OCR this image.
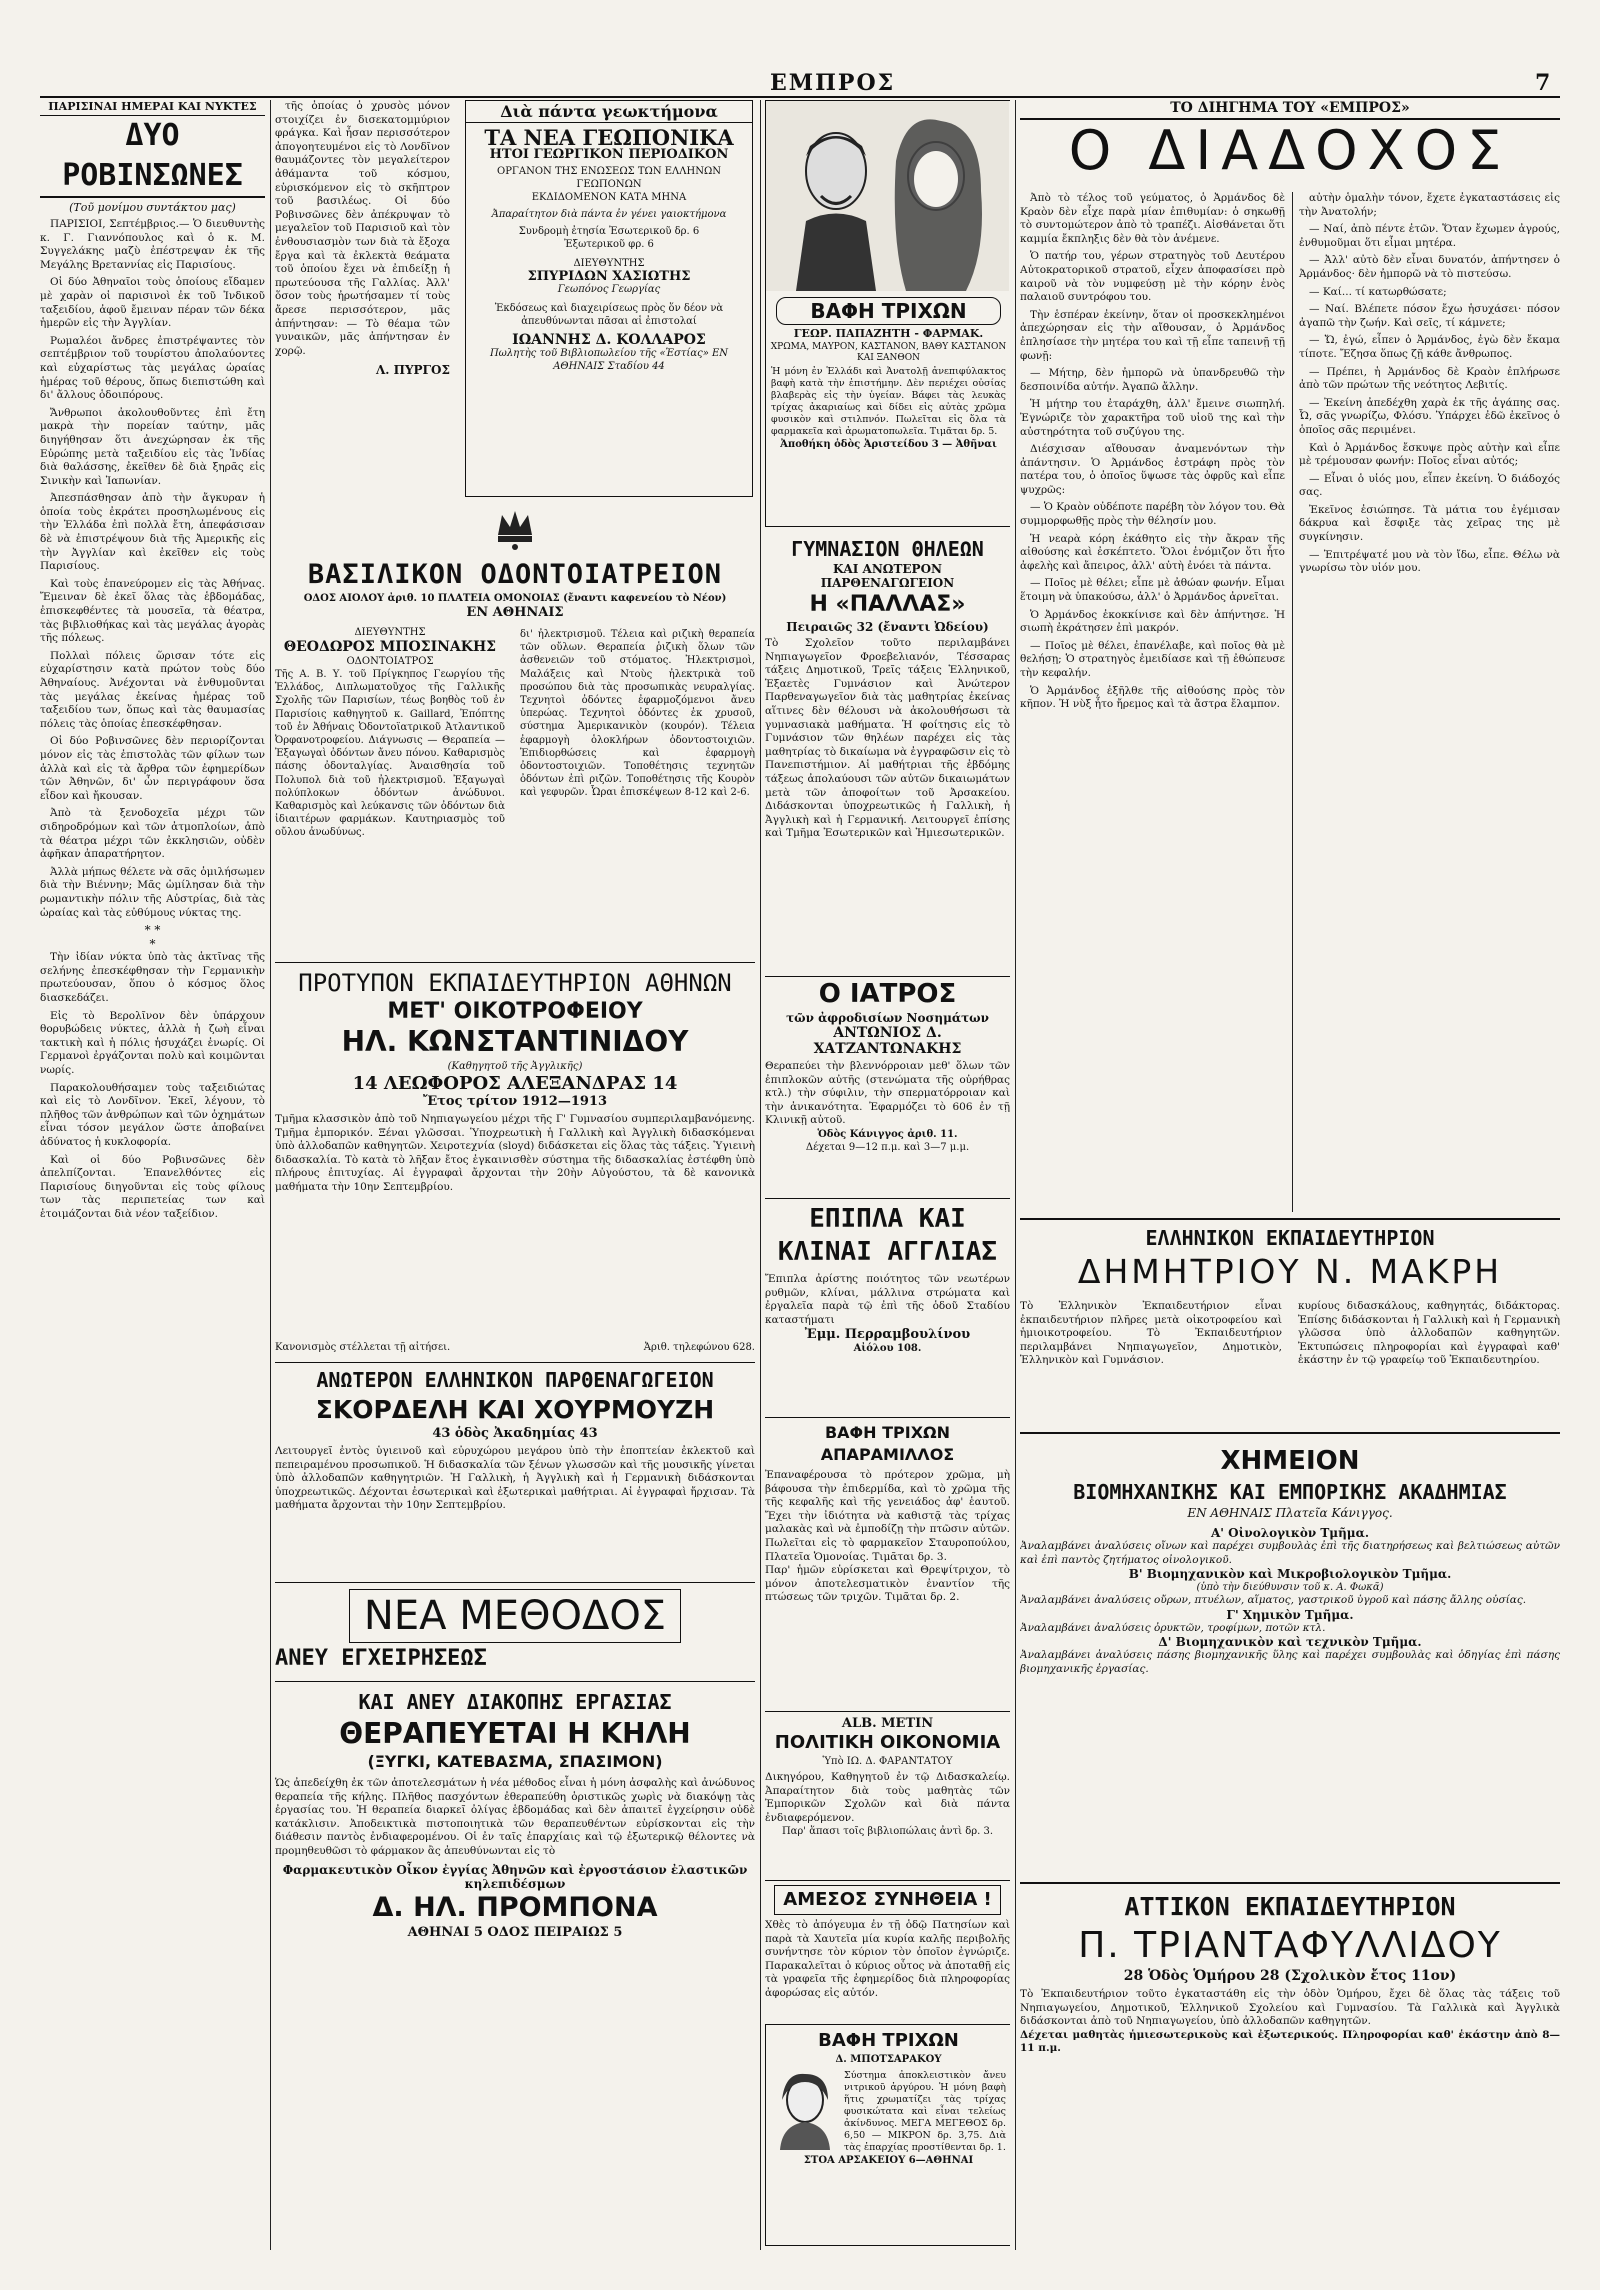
ΕΜΠΡΟΣ	7
ΠΑΡΙΣΙΝΑΙ ΗΜΕΡΑΙ ΚΑΙ ΝΥΚΤΕΣ
ΔΥΟ ΡΟΒΙΝΣΩΝΕΣ
(Τοῦ μονίμου συντάκτου μας)

ΠΑΡΙΣΙΟΙ, Σεπτέμβριος.— Ὁ διευθυντὴς κ. Γ. Γιαννόπουλος καὶ ὁ κ. Μ. Συγγελάκης μαζὺ ἐπέστρεψαν ἐκ τῆς Μεγάλης Βρεταννίας εἰς Παρισίους.

Οἱ δύο Ἀθηναῖοι τοὺς ὁποίους εἴδαμεν μὲ χαρὰν οἱ παρισινοὶ ἐκ τοῦ Ἰνδικοῦ ταξειδίου, ἀφοῦ ἔμειναν πέραν τῶν δέκα ἡμερῶν εἰς τὴν Ἀγγλίαν.

Ρωμαλέοι ἄνδρες ἐπιστρέψαντες τὸν σεπτέμβριον τοῦ τουρίστου ἀπολαύοντες καὶ εὐχαρίστως τὰς μεγάλας ὡραίας ἡμέρας τοῦ θέρους, ὅπως διεπιστώθη καὶ δι' ἄλλους ὁδοιπόρους.

Ἄνθρωποι ἀκολουθοῦντες ἐπὶ ἔτη μακρὰ τὴν πορείαν ταύτην, μᾶς διηγήθησαν ὅτι ἀνεχώρησαν ἐκ τῆς Εὐρώπης μετὰ ταξειδίου εἰς τὰς Ἰνδίας διὰ θαλάσσης, ἐκεῖθεν δὲ διὰ ξηρᾶς εἰς Σινικὴν καὶ Ἰαπωνίαν.

Ἀπεσπάσθησαν ἀπὸ τὴν ἄγκυραν ἡ ὁποία τοὺς ἐκράτει προσηλωμένους εἰς τὴν Ἑλλάδα ἐπὶ πολλὰ ἔτη, ἀπεφάσισαν δὲ νὰ ἐπιστρέψουν διὰ τῆς Ἀμερικῆς εἰς τὴν Ἀγγλίαν καὶ ἐκεῖθεν εἰς τοὺς Παρισίους.

Καὶ τοὺς ἐπανεύρομεν εἰς τὰς Ἀθήνας. Ἔμειναν δὲ ἐκεῖ ὅλας τὰς ἑβδομάδας, ἐπισκεφθέντες τὰ μουσεῖα, τὰ θέατρα, τὰς βιβλιοθήκας καὶ τὰς μεγάλας ἀγορὰς τῆς πόλεως.

Πολλαὶ πόλεις ὥρισαν τότε εἰς εὐχαρίστησιν κατὰ πρώτον τοὺς δύο Ἀθηναίους. Ἀνέχονται νὰ ἐνθυμοῦνται τὰς μεγάλας ἐκείνας ἡμέρας τοῦ ταξειδίου των, ὅπως καὶ τὰς θαυμασίας πόλεις τὰς ὁποίας ἐπεσκέφθησαν.

Οἱ δύο Ροβινσῶνες δὲν περιορίζονται μόνον εἰς τὰς ἐπιστολὰς τῶν φίλων των ἀλλὰ καὶ εἰς τὰ ἄρθρα τῶν ἐφημερίδων τῶν Ἀθηνῶν, δι' ὧν περιγράφουν ὅσα εἶδον καὶ ἤκουσαν.

Ἀπὸ τὰ ξενοδοχεῖα μέχρι τῶν σιδηροδρόμων καὶ τῶν ἀτμοπλοίων, ἀπὸ τὰ θέατρα μέχρι τῶν ἐκκλησιῶν, οὐδὲν ἀφῆκαν ἀπαρατήρητον.

Ἀλλὰ μήπως θέλετε νὰ σᾶς ὁμιλήσωμεν διὰ τὴν Βιέννην; Μᾶς ὡμίλησαν διὰ τὴν ρωμαντικὴν πόλιν τῆς Αὐστρίας, διὰ τὰς ὡραίας καὶ τὰς εὐθύμους νύκτας της.

* *
*

Τὴν ἰδίαν νύκτα ὑπὸ τὰς ἀκτῖνας τῆς σελήνης ἐπεσκέφθησαν τὴν Γερμανικὴν πρωτεύουσαν, ὅπου ὁ κόσμος ὅλος διασκεδάζει.

Εἰς τὸ Βερολῖνον δὲν ὑπάρχουν θορυβώδεις νύκτες, ἀλλὰ ἡ ζωὴ εἶναι τακτικὴ καὶ ἡ πόλις ἡσυχάζει ἐνωρίς. Οἱ Γερμανοὶ ἐργάζονται πολὺ καὶ κοιμῶνται νωρίς.

Παρακολουθήσαμεν τοὺς ταξειδιώτας καὶ εἰς τὸ Λονδῖνον. Ἐκεῖ, λέγουν, τὸ πλῆθος τῶν ἀνθρώπων καὶ τῶν ὀχημάτων εἶναι τόσον μεγάλον ὥστε ἀποβαίνει ἀδύνατος ἡ κυκλοφορία.

Καὶ οἱ δύο Ροβινσῶνες δὲν ἀπελπίζονται. Ἐπανελθόντες εἰς Παρισίους διηγοῦνται εἰς τοὺς φίλους των τὰς περιπετείας των καὶ ἑτοιμάζονται διὰ νέον ταξείδιον.

τῆς ὁποίας ὁ χρυσὸς μόνον στοιχίζει ἐν δισεκατομμύριον φράγκα. Καὶ ἦσαν περισσότερον ἀπογοητευμένοι εἰς τὸ Λονδῖνον θαυμάζοντες τὸν μεγαλείτερον ἀθάμαντα τοῦ κόσμου, εὑρισκόμενον εἰς τὸ σκῆπτρον τοῦ βασιλέως. Οἱ δύο Ροβινσῶνες δὲν ἀπέκρυψαν τὸ μεγαλεῖον τοῦ Παρισιοῦ καὶ τὸν ἐνθουσιασμὸν των διὰ τὰ ἔξοχα ἔργα καὶ τὰ ἐκλεκτὰ θεάματα τοῦ ὁποίου ἔχει νὰ ἐπιδείξῃ ἡ πρωτεύουσα τῆς Γαλλίας. Ἀλλ' ὅσον τοὺς ἠρωτήσαμεν τί τοὺς ἄρεσε περισσότερον, μᾶς ἀπήντησαν: — Τὸ θέαμα τῶν γυναικῶν, μᾶς ἀπήντησαν ἐν χορῷ.

Λ. ΠΥΡΓΟΣ
Διὰ πάντα γεωκτήμονα
ΤΑ ΝΕΑ ΓΕΩΠΟΝΙΚΑ
ΗΤΟΙ ΓΕΩΡΓΙΚΟΝ ΠΕΡΙΟΔΙΚΟΝ
ΟΡΓΑΝΟΝ ΤΗΣ ΕΝΩΣΕΩΣ ΤΩΝ ΕΛΛΗΝΩΝ ΓΕΩΠΟΝΩΝ
ΕΚΔΙΔΟΜΕΝΟΝ ΚΑΤΑ ΜΗΝΑ
Ἀπαραίτητον διὰ πάντα ἐν γένει γαιοκτήμονα
Συνδρομὴ ἐτησία Ἐσωτερικοῦ δρ. 6
Ἐξωτερικοῦ φρ. 6
ΔΙΕΥΘΥΝΤΗΣ
ΣΠΥΡΙΔΩΝ ΧΑΣΙΩΤΗΣ
Γεωπόνος Γεωργίας
Ἐκδόσεως καὶ διαχειρίσεως πρὸς ὅν δέον νὰ ἀπευθύνωνται πᾶσαι αἱ ἐπιστολαί
ΙΩΑΝΝΗΣ Δ. ΚΟΛΛΑΡΟΣ
Πωλητὴς τοῦ Βιβλιοπωλείου τῆς «Ἑστίας» ΕΝ ΑΘΗΝΑΙΣ Σταδίου 44
ΒΑΣΙΛΙΚΟΝ ΟΔΟΝΤΟΙΑΤΡΕΙΟΝ
ΟΔΟΣ ΑΙΟΛΟΥ ἀριθ. 10 ΠΛΑΤΕΙΑ ΟΜΟΝΟΙΑΣ (ἔναντι καφενείου τὸ Νέον)
ΕΝ ΑΘΗΝΑΙΣ
ΔΙΕΥΘΥΝΤΗΣ
ΘΕΟΔΩΡΟΣ ΜΠΟΣΙΝΑΚΗΣ
ΟΔΟΝΤΟΙΑΤΡΟΣ
Τῆς Α. Β. Υ. τοῦ Πρίγκηπος Γεωργίου τῆς Ἑλλάδος, Διπλωματοῦχος τῆς Γαλλικῆς Σχολῆς τῶν Παρισίων, τέως βοηθὸς τοῦ ἐν Παρισίοις καθηγητοῦ κ. Gaillard, Ἐπόπτης τοῦ ἐν Ἀθήναις Ὀδοντοϊατρικοῦ Ἀτλαντικοῦ Ὀρφανοτροφείου. Διάγνωσις — Θεραπεία — Ἐξαγωγαὶ ὀδόντων ἄνευ πόνου. Καθαρισμὸς πάσης ὀδονταλγίας. Ἀναισθησία τοῦ Πολυπολ διὰ τοῦ ἠλεκτρισμοῦ. Ἐξαγωγαὶ πολύπλοκων ὀδόντων ἀνώδυνοι. Καθαρισμὸς καὶ λεύκανσις τῶν ὀδόντων διὰ ἰδιαιτέρων φαρμάκων. Καυτηριασμὸς τοῦ οὔλου ἀνωδύνως.
δι' ἠλεκτρισμοῦ. Τέλεια καὶ ριζικὴ θεραπεία τῶν οὔλων. Θεραπεία ῥιζικὴ ὅλων τῶν ἀσθενειῶν τοῦ στόματος. Ἠλεκτρισμοὶ, Μαλάξεις καὶ Ντοὺς ἠλεκτρικὰ τοῦ προσώπου διὰ τὰς προσωπικὰς νευραλγίας. Τεχνητοὶ ὀδόντες ἐφαρμοζόμενοι ἄνευ ὑπερώας. Τεχνητοὶ ὀδόντες ἐκ χρυσοῦ, σύστημα Ἀμερικανικὸν (κουρόν). Τέλεια ἐφαρμογὴ ὁλοκλήρων ὀδοντοστοιχιῶν. Ἐπιδιορθώσεις καὶ ἐφαρμογὴ ὀδοντοστοιχιῶν. Τοποθέτησις τεχνητῶν ὀδόντων ἐπὶ ριζῶν. Τοποθέτησις τῆς Κουρὸν καὶ γεφυρῶν. Ὧραι ἐπισκέψεων 8-12 καὶ 2-6.
ΠΡΟΤΥΠΟΝ ΕΚΠΑΙΔΕΥΤΗΡΙΟΝ ΑΘΗΝΩΝ
ΜΕΤ' ΟΙΚΟΤΡΟΦΕΙΟΥ
ΗΛ. ΚΩΝΣΤΑΝΤΙΝΙΔΟΥ
(Καθηγητοῦ τῆς Ἀγγλικῆς)
14 ΛΕΩΦΟΡΟΣ ΑΛΕΞΑΝΔΡΑΣ 14
Ἔτος τρίτον 1912—1913
Τμῆμα κλασσικὸν ἀπὸ τοῦ Νηπιαγωγείου μέχρι τῆς Γ' Γυμνασίου συμπεριλαμβανόμενης. Τμῆμα ἐμπορικόν. Ξέναι γλῶσσαι. Ὑποχρεωτικὴ ἡ Γαλλικὴ καὶ Ἀγγλικὴ διδασκόμεναι ὑπὸ ἀλλοδαπῶν καθηγητῶν. Χειροτεχνία (sloyd) διδάσκεται εἰς ὅλας τὰς τάξεις. Ὑγιεινὴ διδασκαλία. Τὸ κατὰ τὸ λῆξαν ἔτος ἐγκαινισθὲν σύστημα τῆς διδασκαλίας ἐστέφθη ὑπὸ πλήρους ἐπιτυχίας. Αἱ ἐγγραφαὶ ἄρχονται τὴν 20ὴν Αὐγούστου, τὰ δὲ κανονικὰ μαθήματα τὴν 10ην Σεπτεμβρίου.
Κανονισμὸς στέλλεται τῇ αἰτήσει.	Ἀριθ. τηλεφώνου 628.
ΑΝΩΤΕΡΟΝ ΕΛΛΗΝΙΚΟΝ ΠΑΡΘΕΝΑΓΩΓΕΙΟΝ
ΣΚΟΡΔΕΛΗ ΚΑΙ ΧΟΥΡΜΟΥΖΗ
43 ὁδὸς Ἀκαδημίας 43
Λειτουργεῖ ἐντὸς ὑγιεινοῦ καὶ εὐρυχώρου μεγάρου ὑπὸ τὴν ἐποπτείαν ἐκλεκτοῦ καὶ πεπειραμένου προσωπικοῦ. Ἡ διδασκαλία τῶν ξένων γλωσσῶν καὶ τῆς μουσικῆς γίνεται ὑπὸ ἀλλοδαπῶν καθηγητριῶν. Ἡ Γαλλικὴ, ἡ Ἀγγλικὴ καὶ ἡ Γερμανικὴ διδάσκονται ὑποχρεωτικῶς. Δέχονται ἐσωτερικαὶ καὶ ἐξωτερικαὶ μαθήτριαι. Αἱ ἐγγραφαὶ ἤρχισαν. Τὰ μαθήματα ἄρχονται τὴν 10ην Σεπτεμβρίου.
ΝΕΑ ΜΕΘΟΔΟΣ
ΑΝΕΥ ΕΓΧΕΙΡΗΣΕΩΣ
ΚΑΙ ΑΝΕΥ ΔΙΑΚΟΠΗΣ ΕΡΓΑΣΙΑΣ
ΘΕΡΑΠΕΥΕΤΑΙ Η ΚΗΛΗ
(ΞΥΓΚΙ, ΚΑΤΕΒΑΣΜΑ, ΣΠΑΣΙΜΟΝ)
Ὡς ἀπεδείχθη ἐκ τῶν ἀποτελεσμάτων ἡ νέα μέθοδος εἶναι ἡ μόνη ἀσφαλὴς καὶ ἀνώδυνος θεραπεία τῆς κήλης. Πλῆθος πασχόντων ἐθεραπεύθη ὁριστικῶς χωρὶς νὰ διακόψῃ τὰς ἐργασίας του. Ἡ θεραπεία διαρκεῖ ὀλίγας ἑβδομάδας καὶ δὲν ἀπαιτεῖ ἐγχείρησιν οὐδὲ κατάκλισιν. Ἀποδεικτικὰ πιστοποιητικὰ τῶν θεραπευθέντων εὑρίσκονται εἰς τὴν διάθεσιν παντὸς ἐνδιαφερομένου. Οἱ ἐν ταῖς ἐπαρχίαις καὶ τῷ ἐξωτερικῷ θέλοντες νὰ προμηθευθῶσι τὸ φάρμακον ἂς ἀπευθύνωνται εἰς τὸ
Φαρμακευτικὸν Οἶκον ἐγγίας Ἀθηνῶν καὶ ἐργοστάσιον ἐλαστικῶν κηλεπιδέσμων
Δ. ΗΛ. ΠΡΟΜΠΟΝΑ
ΑΘΗΝΑΙ 5 ΟΔΟΣ ΠΕΙΡΑΙΩΣ 5
ΒΑΦΗ ΤΡΙΧΩΝ
ΓΕΩΡ. ΠΑΠΑΖΗΤΗ - ΦΑΡΜΑΚ.
ΧΡΩΜΑ, ΜΑΥΡΟΝ, ΚΑΣΤΑΝΟΝ, ΒΑΘΥ ΚΑΣΤΑΝΟΝ ΚΑΙ ΞΑΝΘΟΝ
Ἡ μόνη ἐν Ἑλλάδι καὶ Ἀνατολῇ ἀνεπιφύλακτος βαφὴ κατὰ τὴν ἐπιστήμην. Δὲν περιέχει οὐσίας βλαβερὰς εἰς τὴν ὑγείαν. Βάφει τὰς λευκὰς τρίχας ἀκαριαίως καὶ δίδει εἰς αὐτὰς χρῶμα φυσικὸν καὶ στιλπνόν. Πωλεῖται εἰς ὅλα τὰ φαρμακεῖα καὶ ἀρωματοπωλεῖα. Τιμᾶται δρ. 5.
Ἀποθήκη ὁδὸς Ἀριστείδου 3 — Ἀθῆναι
ΓΥΜΝΑΣΙΟΝ ΘΗΛΕΩΝ
ΚΑΙ ΑΝΩΤΕΡΟΝ ΠΑΡΘΕΝΑΓΩΓΕΙΟΝ
Η «ΠΑΛΛΑΣ»
Πειραιῶς 32 (ἔναντι Ὠδείου)
Τὸ Σχολεῖον τοῦτο περιλαμβάνει Νηπιαγωγεῖον Φροεβελιανόν, Τέσσαρας τάξεις Δημοτικοῦ, Τρεῖς τάξεις Ἑλληνικοῦ, Ἑξαετὲς Γυμνάσιον καὶ Ἀνώτερον Παρθεναγωγεῖον διὰ τὰς μαθητρίας ἐκείνας αἵτινες δὲν θέλουσι νὰ ἀκολουθήσωσι τὰ γυμνασιακὰ μαθήματα. Ἡ φοίτησις εἰς τὸ Γυμνάσιον τῶν θηλέων παρέχει εἰς τὰς μαθητρίας τὸ δικαίωμα νὰ ἐγγραφῶσιν εἰς τὸ Πανεπιστήμιον. Αἱ μαθήτριαι τῆς ἑβδόμης τάξεως ἀπολαύουσι τῶν αὐτῶν δικαιωμάτων μετὰ τῶν ἀποφοίτων τοῦ Ἀρσακείου. Διδάσκονται ὑποχρεωτικῶς ἡ Γαλλικὴ, ἡ Ἀγγλικὴ καὶ ἡ Γερμανική. Λειτουργεῖ ἐπίσης καὶ Τμῆμα Ἐσωτερικῶν καὶ Ἡμιεσωτερικῶν.
Ο ΙΑΤΡΟΣ
τῶν ἀφροδισίων Νοσημάτων
ΑΝΤΩΝΙΟΣ Δ. ΧΑΤΖΑΝΤΩΝΑΚΗΣ
Θεραπεύει τὴν βλεννόρροιαν μεθ' ὅλων τῶν ἐπιπλοκῶν αὐτῆς (στενώματα τῆς οὐρήθρας κτλ.) τὴν σύφιλιν, τὴν σπερματόρροιαν καὶ τὴν ἀνικανότητα. Ἐφαρμόζει τὸ 606 ἐν τῇ Κλινικῇ αὐτοῦ.
Ὁδὸς Κάνιγγος ἀριθ. 11.
Δέχεται 9—12 π.μ. καὶ 3—7 μ.μ.
ΕΠΙΠΛΑ ΚΑΙ ΚΛΙΝΑΙ ΑΓΓΛΙΑΣ
Ἔπιπλα ἀρίστης ποιότητος τῶν νεωτέρων ρυθμῶν, κλίναι, μάλλινα στρώματα καὶ ἐργαλεῖα παρὰ τῷ ἐπὶ τῆς ὁδοῦ Σταδίου καταστήματι
Ἐμμ. Περραμβουλίνου
Αἰόλου 108.
ΒΑΦΗ ΤΡΙΧΩΝ ΑΠΑΡΑΜΙΛΛΟΣ
Ἐπαναφέρουσα τὸ πρότερον χρῶμα, μὴ βάφουσα τὴν ἐπιδερμίδα, καὶ τὸ χρῶμα τῆς τῆς κεφαλῆς καὶ τῆς γενειάδος ἀφ' ἑαυτοῦ. Ἔχει τὴν ἰδιότητα νὰ καθιστᾷ τὰς τρίχας μαλακὰς καὶ νὰ ἐμποδίζῃ τὴν πτῶσιν αὐτῶν. Πωλεῖται εἰς τὸ φαρμακεῖον Σταυροπούλου, Πλατεῖα Ὁμονοίας. Τιμᾶται δρ. 3.
Παρ' ἡμῶν εὑρίσκεται καὶ Θρεψίτριχον, τὸ μόνον ἀποτελεσματικὸν ἐναντίον τῆς πτώσεως τῶν τριχῶν. Τιμᾶται δρ. 2.
ALB. METIN
ΠΟΛΙΤΙΚΗ ΟΙΚΟΝΟΜΙΑ
Ὑπὸ ΙΩ. Δ. ΦΑΡΑΝΤΑΤΟΥ
Δικηγόρου, Καθηγητοῦ ἐν τῷ Διδασκαλείῳ. Ἀπαραίτητον διὰ τοὺς μαθητὰς τῶν Ἐμπορικῶν Σχολῶν καὶ διὰ πάντα ἐνδιαφερόμενον.
Παρ' ἅπασι τοῖς βιβλιοπώλαις ἀντὶ δρ. 3.
ΑΜΕΣΟΣ ΣΥΝΗΘΕΙΑ !
Χθὲς τὸ ἀπόγευμα ἐν τῇ ὁδῷ Πατησίων καὶ παρὰ τὰ Χαυτεῖα μία κυρία καλῆς περιβολῆς συνήντησε τὸν κύριον τὸν ὁποῖον ἐγνώριζε. Παρακαλεῖται ὁ κύριος οὗτος νὰ ἀποταθῇ εἰς τὰ γραφεῖα τῆς ἐφημερίδος διὰ πληροφορίας ἀφορώσας εἰς αὐτόν.
ΒΑΦΗ ΤΡΙΧΩΝ
Δ. ΜΠΟΤΣΑΡΑΚΟΥ
Σύστημα ἀποκλειστικὸν ἄνευ νιτρικοῦ ἀργύρου. Ἡ μόνη βαφὴ ἥτις χρωματίζει τὰς τρίχας φυσικώτατα καὶ εἶναι τελείως ἀκίνδυνος. ΜΕΓΑ ΜΕΓΕΘΟΣ δρ. 6,50 — ΜΙΚΡΟΝ δρ. 3,75. Διὰ τὰς ἐπαρχίας προστίθενται δρ. 1.
ΣΤΟΑ ΑΡΣΑΚΕΙΟΥ 6—ΑΘΗΝΑΙ
ΤΟ ΔΙΗΓΗΜΑ ΤΟΥ «ΕΜΠΡΟΣ»
Ο ΔΙΑΔΟΧΟΣ

Ἀπὸ τὸ τέλος τοῦ γεύματος, ὁ Ἀρμάνδος δὲ Κραὸν δὲν εἶχε παρὰ μίαν ἐπιθυμίαν: ὁ σηκωθῇ τὸ συντομώτερον ἀπὸ τὸ τραπέζι. Αἰσθάνεται ὅτι καμμία ἔκπληξις δὲν θὰ τὸν ἀνέμενε.

Ὁ πατήρ του, γέρων στρατηγὸς τοῦ Δευτέρου Αὐτοκρατορικοῦ στρατοῦ, εἶχεν ἀποφασίσει πρὸ καιροῦ νὰ τὸν νυμφεύσῃ μὲ τὴν κόρην ἑνὸς παλαιοῦ συντρόφου του.

Τὴν ἑσπέραν ἐκείνην, ὅταν οἱ προσκεκλημένοι ἀπεχώρησαν εἰς τὴν αἴθουσαν, ὁ Ἀρμάνδος ἐπλησίασε τὴν μητέρα του καὶ τῇ εἶπε ταπεινῇ τῇ φωνῇ:

— Μήτηρ, δὲν ἠμπορῶ νὰ ὑπανδρευθῶ τὴν δεσποινίδα αὐτήν. Ἀγαπῶ ἄλλην.

Ἡ μήτηρ του ἐταράχθη, ἀλλ' ἔμεινε σιωπηλή. Ἐγνώριζε τὸν χαρακτῆρα τοῦ υἱοῦ της καὶ τὴν αὐστηρότητα τοῦ συζύγου της.

Διέσχισαν αἴθουσαν ἀναμενόντων τὴν ἀπάντησιν. Ὁ Ἀρμάνδος ἐστράφη πρὸς τὸν πατέρα του, ὁ ὁποῖος ὕψωσε τὰς ὀφρῦς καὶ εἶπε ψυχρῶς:

— Ὁ Κραὸν οὐδέποτε παρέβη τὸν λόγον του. Θὰ συμμορφωθῇς πρὸς τὴν θέλησίν μου.

Ἡ νεαρὰ κόρη ἐκάθητο εἰς τὴν ἄκραν τῆς αἰθούσης καὶ ἐσκέπτετο. Ὅλοι ἐνόμιζον ὅτι ἦτο ἀφελὴς καὶ ἄπειρος, ἀλλ' αὐτὴ ἐνόει τὰ πάντα.

— Ποῖος μὲ θέλει; εἶπε μὲ ἀθώαν φωνήν. Εἶμαι ἕτοιμη νὰ ὑπακούσω, ἀλλ' ὁ Ἀρμάνδος ἀρνεῖται.

Ὁ Ἀρμάνδος ἐκοκκίνισε καὶ δὲν ἀπήντησε. Ἡ σιωπὴ ἐκράτησεν ἐπὶ μακρόν.

— Ποῖος μὲ θέλει, ἐπανέλαβε, καὶ ποῖος θὰ μὲ θελήσῃ; Ὁ στρατηγὸς ἐμειδίασε καὶ τῇ ἐθώπευσε τὴν κεφαλήν.

Ὁ Ἀρμάνδος ἐξῆλθε τῆς αἰθούσης πρὸς τὸν κῆπον. Ἡ νὺξ ἦτο ἤρεμος καὶ τὰ ἄστρα ἔλαμπον.

αὐτὴν ὁμαλὴν τόνον, ἔχετε ἐγκαταστάσεις εἰς τὴν Ἀνατολήν;

— Ναί, ἀπὸ πέντε ἐτῶν. Ὅταν ἔχωμεν ἀγρούς, ἐνθυμοῦμαι ὅτι εἶμαι μητέρα.

— Ἀλλ' αὐτὸ δὲν εἶναι δυνατόν, ἀπήντησεν ὁ Ἀρμάνδος· δὲν ἠμπορῶ νὰ τὸ πιστεύσω.

— Καί... τί κατωρθώσατε;

— Ναί. Βλέπετε πόσον ἔχω ἡσυχάσει· πόσον ἀγαπῶ τὴν ζωήν. Καὶ σεῖς, τί κάμνετε;

— Ὤ, ἐγώ, εἶπεν ὁ Ἀρμάνδος, ἐγὼ δὲν ἔκαμα τίποτε. Ἔζησα ὅπως ζῇ κάθε ἄνθρωπος.

— Πρέπει, ἡ Ἀρμάνδος δὲ Κραὸν ἐπλήρωσε ἀπὸ τῶν πρώτων τῆς νεότητος Λεβιτίς.

— Ἐκείνη ἀπεδέχθη χαρὰ ἐκ τῆς ἀγάπης σας. Ὦ, σᾶς γνωρίζω, Φλόσυ. Ὑπάρχει ἐδῶ ἐκεῖνος ὁ ὁποῖος σᾶς περιμένει.

Καὶ ὁ Ἀρμάνδος ἔσκυψε πρὸς αὐτὴν καὶ εἶπε μὲ τρέμουσαν φωνήν: Ποῖος εἶναι αὐτός;

— Εἶναι ὁ υἱός μου, εἶπεν ἐκείνη. Ὁ διάδοχός σας.

Ἐκεῖνος ἐσιώπησε. Τὰ μάτια του ἐγέμισαν δάκρυα καὶ ἔσφιξε τὰς χεῖρας της μὲ συγκίνησιν.

— Ἐπιτρέψατέ μου νὰ τὸν ἴδω, εἶπε. Θέλω νὰ γνωρίσω τὸν υἱόν μου.

ΕΛΛΗΝΙΚΟΝ ΕΚΠΑΙΔΕΥΤΗΡΙΟΝ
ΔΗΜΗΤΡΙΟΥ Ν. ΜΑΚΡΗ
Τὸ Ἑλληνικὸν Ἐκπαιδευτήριον εἶναι ἐκπαιδευτήριον πλῆρες μετὰ οἰκοτροφείου καὶ ἡμιοικοτροφείου. Τὸ Ἐκπαιδευτήριον περιλαμβάνει Νηπιαγωγεῖον, Δημοτικὸν, Ἑλληνικὸν καὶ Γυμνάσιον.
κυρίους διδασκάλους, καθηγητάς, διδάκτορας. Ἐπίσης διδάσκονται ἡ Γαλλικὴ καὶ ἡ Γερμανικὴ γλῶσσα ὑπὸ ἀλλοδαπῶν καθηγητῶν. Ἐκτυπώσεις πληροφορίαι καὶ ἐγγραφαὶ καθ' ἑκάστην ἐν τῷ γραφείῳ τοῦ Ἐκπαιδευτηρίου.
ΧΗΜΕΙΟΝ
ΒΙΟΜΗΧΑΝΙΚΗΣ ΚΑΙ ΕΜΠΟΡΙΚΗΣ ΑΚΑΔΗΜΙΑΣ
ΕΝ ΑΘΗΝΑΙΣ Πλατεῖα Κάνιγγος.
Α' Οἰνολογικὸν Τμῆμα.
Ἀναλαμβάνει ἀναλύσεις οἴνων καὶ παρέχει συμβουλὰς ἐπὶ τῆς διατηρήσεως καὶ βελτιώσεως αὐτῶν καὶ ἐπὶ παντὸς ζητήματος οἰνολογικοῦ.
Β' Βιομηχανικὸν καὶ Μικροβιολογικὸν Τμῆμα.
(ὑπὸ τὴν διεύθυνσιν τοῦ κ. Α. Φωκᾶ)
Ἀναλαμβάνει ἀναλύσεις οὔρων, πτυέλων, αἵματος, γαστρικοῦ ὑγροῦ καὶ πάσης ἄλλης οὐσίας.
Γ' Χημικὸν Τμῆμα.
Ἀναλαμβάνει ἀναλύσεις ὀρυκτῶν, τροφίμων, ποτῶν κτλ.
Δ' Βιομηχανικὸν καὶ τεχνικὸν Τμῆμα.
Ἀναλαμβάνει ἀναλύσεις πάσης βιομηχανικῆς ὕλης καὶ παρέχει συμβουλὰς καὶ ὁδηγίας ἐπὶ πάσης βιομηχανικῆς ἐργασίας.
ΑΤΤΙΚΟΝ ΕΚΠΑΙΔΕΥΤΗΡΙΟΝ
Π. ΤΡΙΑΝΤΑΦΥΛΛΙΔΟΥ
28 Ὁδὸς Ὁμήρου 28 (Σχολικὸν ἔτος 11ον)
Τὸ Ἐκπαιδευτήριον τοῦτο ἐγκαταστάθη εἰς τὴν ὁδὸν Ὁμήρου, ἔχει δὲ ὅλας τὰς τάξεις τοῦ Νηπιαγωγείου, Δημοτικοῦ, Ἑλληνικοῦ Σχολείου καὶ Γυμνασίου. Τὰ Γαλλικὰ καὶ Ἀγγλικὰ διδάσκονται ἀπὸ τοῦ Νηπιαγωγείου, ὑπὸ ἀλλοδαπῶν καθηγητῶν.
Δέχεται μαθητὰς ἡμιεσωτερικοὺς καὶ ἐξωτερικούς. Πληροφορίαι καθ' ἑκάστην ἀπὸ 8—11 π.μ.
